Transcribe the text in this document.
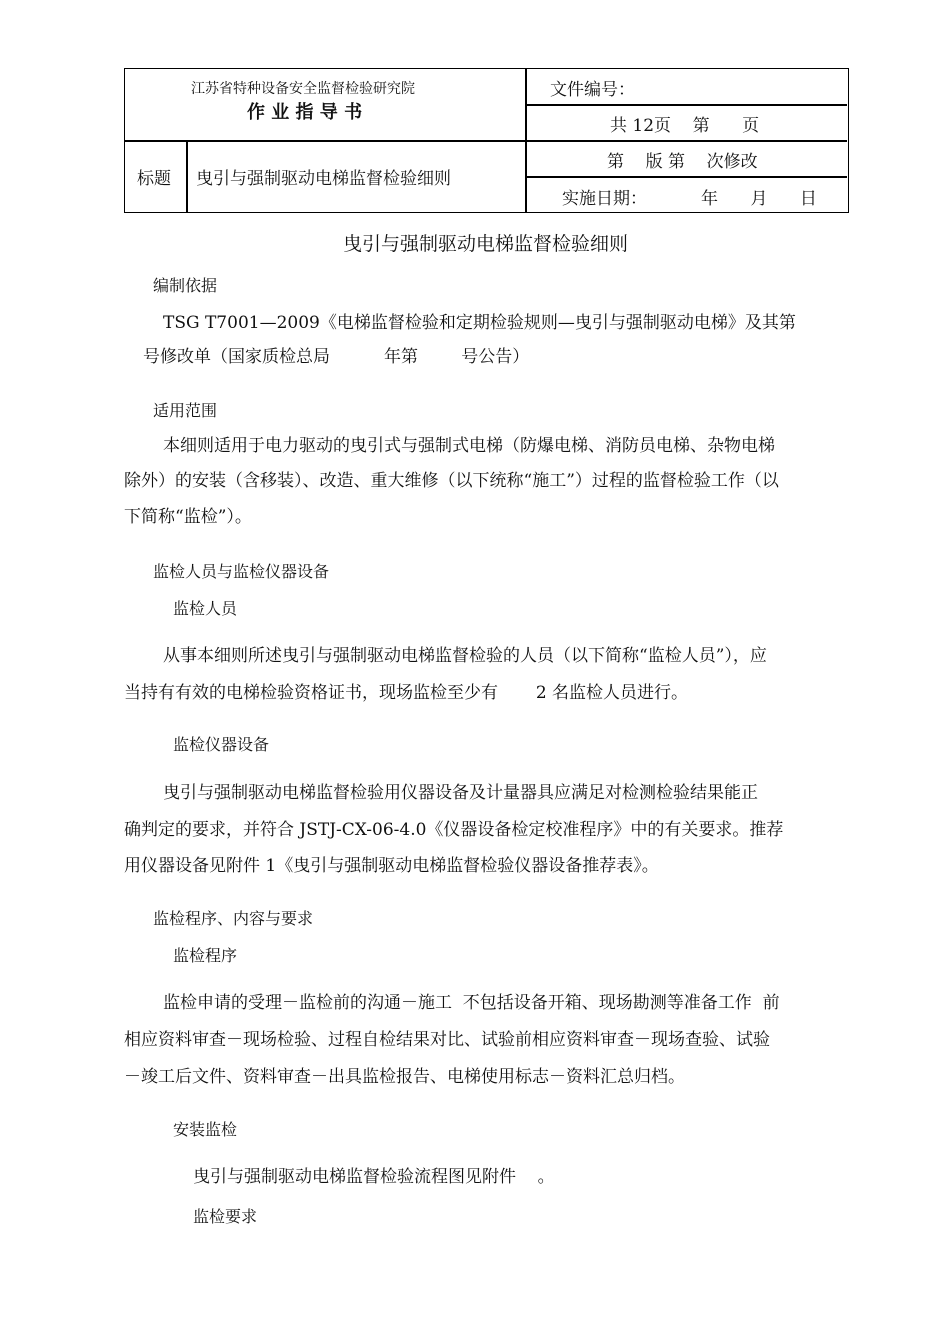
江苏省特种设备安全监督检验研究院
作 业 指 导 书
文件编号：
共 12页    第      页
标题 曳引与强制驱动电梯监督检验细则
第    版 第    次修改
实施日期：          年      月      日
曳引与强制驱动电梯监督检验细则
编制依据
TSG T7001—2009《电梯监督检验和定期检验规则—曳引与强制驱动电梯》及其第
号修改单（国家质检总局          年第        号公告）
适用范围
本细则适用于电力驱动的曳引式与强制式电梯（防爆电梯、消防员电梯、杂物电梯
除外）的安装（含移装）、改造、重大维修（以下统称“施工”）过程的监督检验工作（以
下简称“监检”）。
监检人员与监检仪器设备
监检人员
从事本细则所述曳引与强制驱动电梯监督检验的人员（以下简称“监检人员”），应
当持有有效的电梯检验资格证书，现场监检至少有       2 名监检人员进行。
监检仪器设备
曳引与强制驱动电梯监督检验用仪器设备及计量器具应满足对检测检验结果能正
确判定的要求，并符合 JSTJ-CX-06-4.0《仪器设备检定校准程序》中的有关要求。推荐
用仪器设备见附件 1《曳引与强制驱动电梯监督检验仪器设备推荐表》。
监检程序、内容与要求
监检程序
监检申请的受理－监检前的沟通－施工  不包括设备开箱、现场勘测等准备工作  前
相应资料审查－现场检验、过程自检结果对比、试验前相应资料审查－现场查验、试验
－竣工后文件、资料审查－出具监检报告、电梯使用标志－资料汇总归档。
安装监检
曳引与强制驱动电梯监督检验流程图见附件    。
监检要求
